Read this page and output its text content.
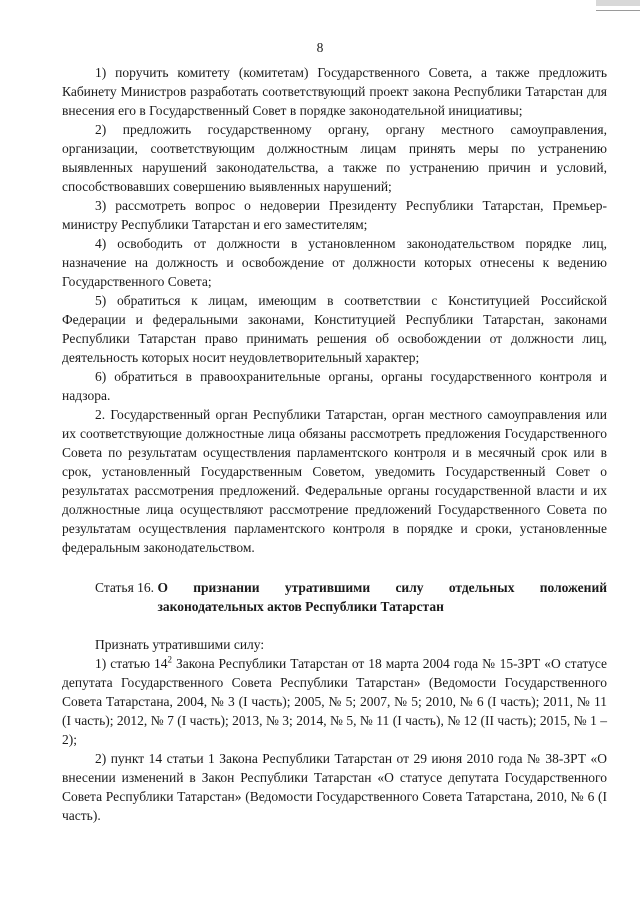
8

1) поручить комитету (комитетам) Государственного Совета, а также предложить Кабинету Министров разработать соответствующий проект закона Республики Татарстан для внесения его в Государственный Совет в порядке законодательной инициативы;

2) предложить государственному органу, органу местного самоуправления, организации, соответствующим должностным лицам принять меры по устранению выявленных нарушений законодательства, а также по устранению причин и условий, способствовавших совершению выявленных нарушений;

3) рассмотреть вопрос о недоверии Президенту Республики Татарстан, Премьер-министру Республики Татарстан и его заместителям;

4) освободить от должности в установленном законодательством порядке лиц, назначение на должность и освобождение от должности которых отнесены к ведению Государственного Совета;

5) обратиться к лицам, имеющим в соответствии с Конституцией Российской Федерации и федеральными законами, Конституцией Республики Татарстан, законами Республики Татарстан право принимать решения об освобождении от должности лиц, деятельность которых носит неудовлетворительный характер;

6) обратиться в правоохранительные органы, органы государственного контроля и надзора.

2. Государственный орган Республики Татарстан, орган местного самоуправления или их соответствующие должностные лица обязаны рассмотреть предложения Государственного Совета по результатам осуществления парламентского контроля и в месячный срок или в срок, установленный Государственным Советом, уведомить Государственный Совет о результатах рассмотрения предложений. Федеральные органы государственной власти и их должностные лица осуществляют рассмотрение предложений Государственного Совета по результатам осуществления парламентского контроля в порядке и сроки, установленные федеральным законодательством.

Статья 16. О признании утратившими силу отдельных положений законодательных актов Республики Татарстан

Признать утратившими силу:

1) статью $14^2$ Закона Республики Татарстан от 18 марта 2004 года № 15-ЗРТ «О статусе депутата Государственного Совета Республики Татарстан» (Ведомости Государственного Совета Татарстана, 2004, № 3 (I часть); 2005, № 5; 2007, № 5; 2010, № 6 (I часть); 2011, № 11 (I часть); 2012, № 7 (I часть); 2013, № 3; 2014, № 5, № 11 (I часть), № 12 (II часть); 2015, № 1 – 2);

2) пункт 14 статьи 1 Закона Республики Татарстан от 29 июня 2010 года № 38-ЗРТ «О внесении изменений в Закон Республики Татарстан «О статусе депутата Государственного Совета Республики Татарстан» (Ведомости Государственного Совета Татарстана, 2010, № 6 (I часть).
